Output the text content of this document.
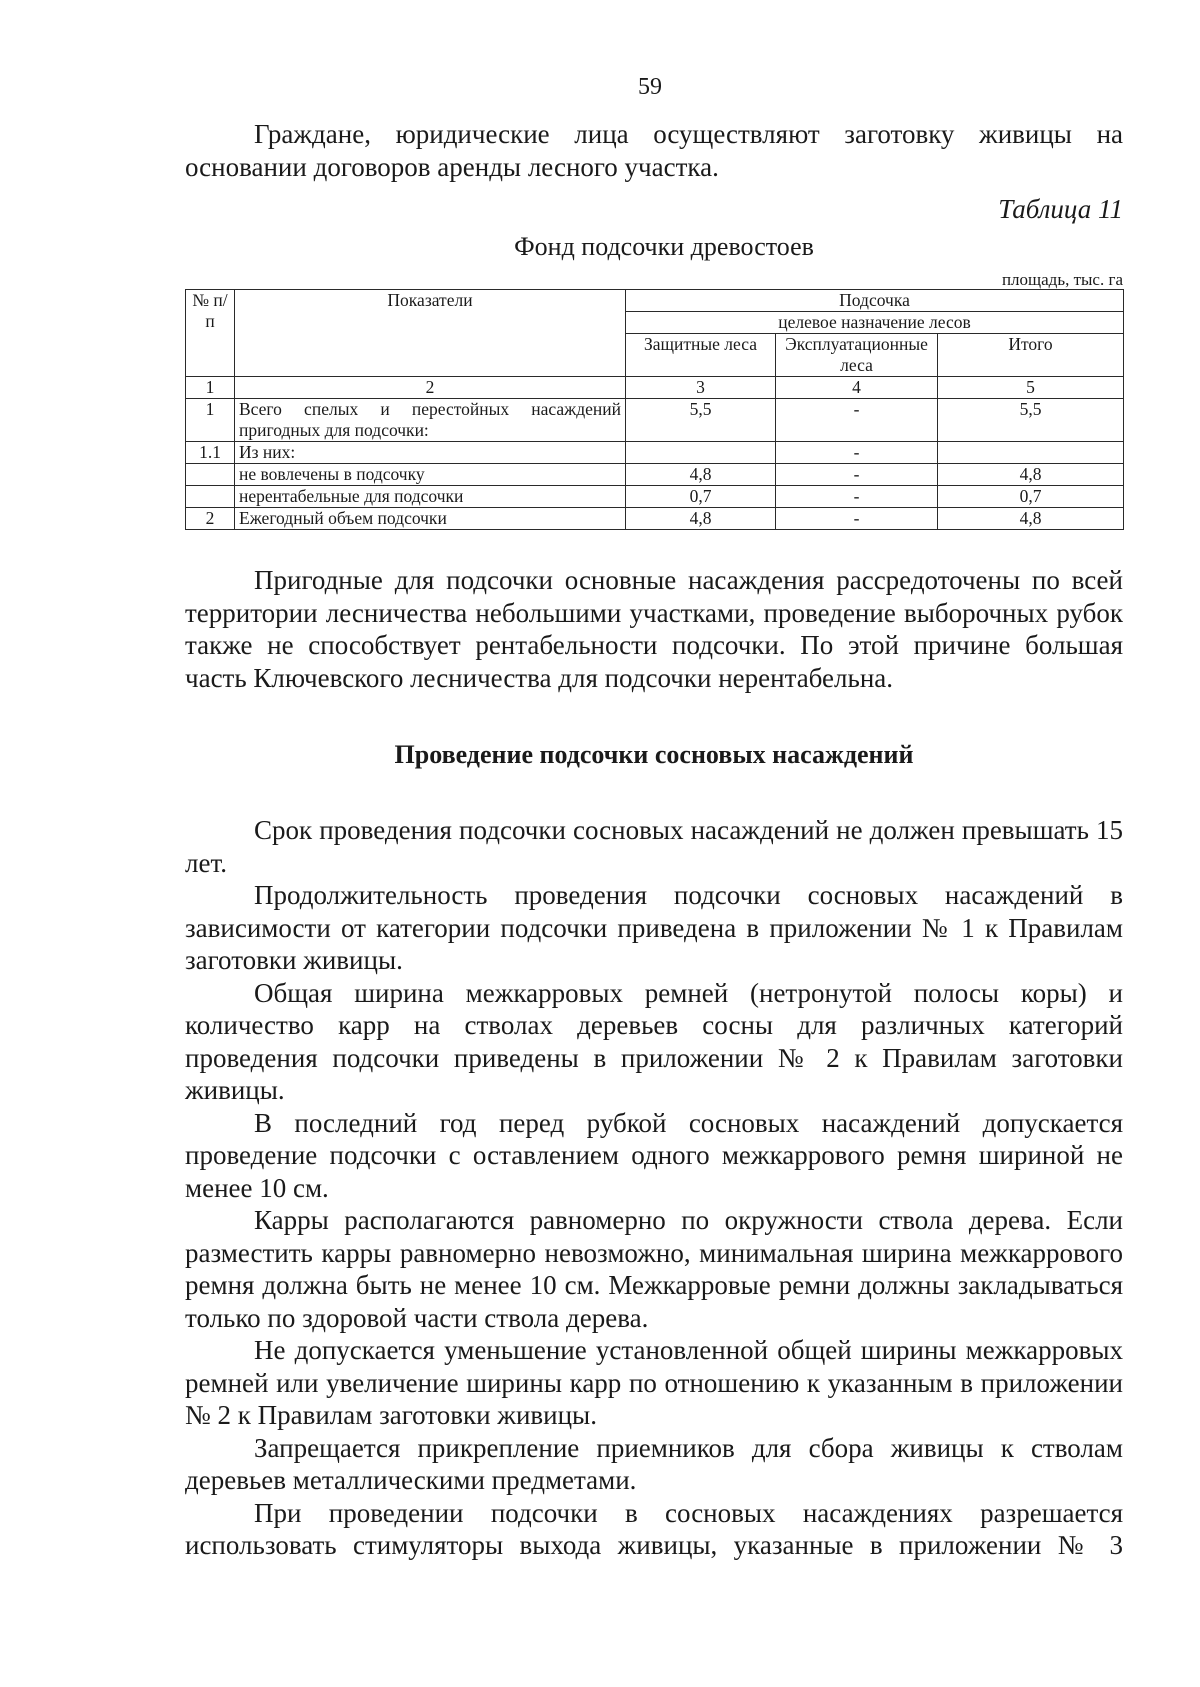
59

Граждане, юридические лица осуществляют заготовку живицы на основании договоров аренды лесного участка.

Таблица 11
Фонд подсочки древостоев
площадь, тыс. га
№ п/п	Показатели	Подсочка		
		целевое назначение лесов		
		Защитные леса	Эксплуатационные леса	Итого
1	2	3	4	5
1	Всего спелых и перестойных насаждений пригодных для подсочки:	5,5	-	5,5
1.1	Из них:		-	
	не вовлечены в подсочку	4,8	-	4,8
	нерентабельные для подсочки	0,7	-	0,7
2	Ежегодный объем подсочки	4,8	-	4,8

Пригодные для подсочки основные насаждения рассредоточены по всей территории лесничества небольшими участками, проведение выборочных рубок также не способствует рентабельности подсочки. По этой причине большая часть Ключевского лесничества для подсочки нерентабельна.

Проведение подсочки сосновых насаждений

Срок проведения подсочки сосновых насаждений не должен превышать 15 лет.

Продолжительность проведения подсочки сосновых насаждений в зависимости от категории подсочки приведена в приложении № 1 к Правилам заготовки живицы.

Общая ширина межкарровых ремней (нетронутой полосы коры) и количество карр на стволах деревьев сосны для различных категорий проведения подсочки приведены в приложении № 2 к Правилам заготовки живицы.

В последний год перед рубкой сосновых насаждений допускается проведение подсочки с оставлением одного межкаррового ремня шириной не менее 10 см.

Карры располагаются равномерно по окружности ствола дерева. Если разместить карры равномерно невозможно, минимальная ширина межкаррового ремня должна быть не менее 10 см. Межкарровые ремни должны закладываться только по здоровой части ствола дерева.

Не допускается уменьшение установленной общей ширины межкарровых ремней или увеличение ширины карр по отношению к указанным в приложении № 2 к Правилам заготовки живицы.

Запрещается прикрепление приемников для сбора живицы к стволам деревьев металлическими предметами.

При проведении подсочки в сосновых насаждениях разрешается использовать стимуляторы выхода живицы, указанные в приложении № 3
